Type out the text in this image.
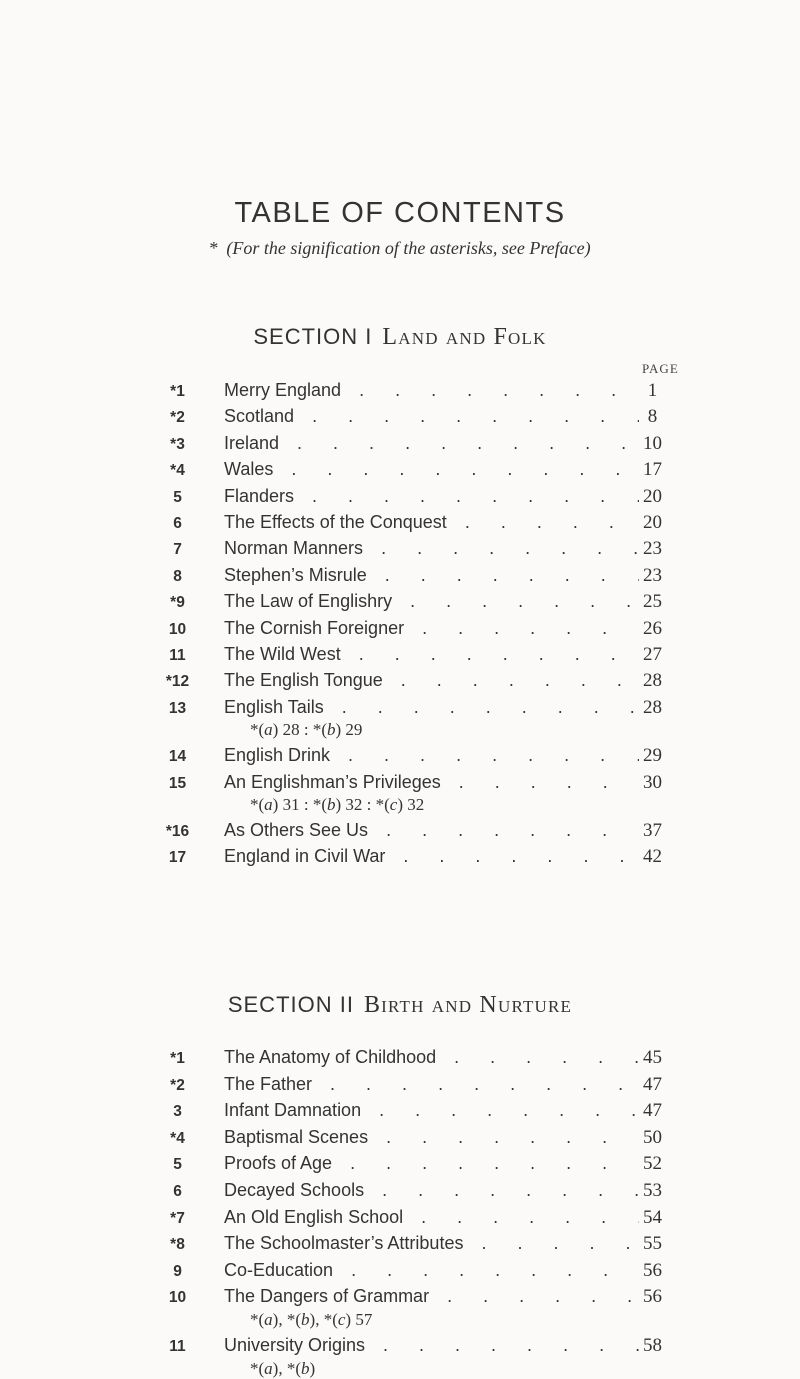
TABLE OF CONTENTS
* (For the signification of the asterisks, see Preface)
SECTION I Land and Folk
PAGE
*1	Merry England .	1
*2	Scotland .	8
*3	Ireland .	10
*4	Wales .	17
5	Flanders .	20
6	The Effects of the Conquest .	20
7	Norman Manners .	23
8	Stephen’s Misrule .	23
*9	The Law of Englishry .	25
10	The Cornish Foreigner .	26
11	The Wild West .	27
*12	The English Tongue .	28
13	English Tails .	28
*(a) 28 : *(b) 29
14	English Drink .	29
15	An Englishman’s Privileges .	30
*(a) 31 : *(b) 32 : *(c) 32
*16	As Others See Us .	37
17	England in Civil War .	42
SECTION II Birth and Nurture
*1	The Anatomy of Childhood .	45
*2	The Father .	47
3	Infant Damnation .	47
*4	Baptismal Scenes .	50
5	Proofs of Age .	52
6	Decayed Schools .	53
*7	An Old English School .	54
*8	The Schoolmaster’s Attributes .	55
9	Co-Education .	56
10	The Dangers of Grammar .	56
*(a), *(b), *(c) 57
11	University Origins .	58
*(a), *(b)
